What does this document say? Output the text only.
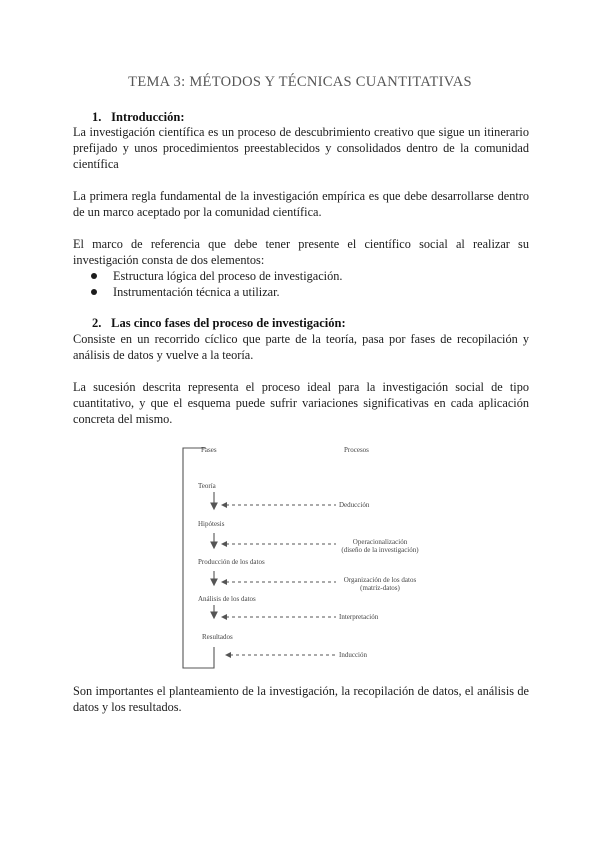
TEMA 3: MÉTODOS Y TÉCNICAS CUANTITATIVAS
1. Introducción:
La investigación científica es un proceso de descubrimiento creativo que sigue un itinerario prefijado y unos procedimientos preestablecidos y consolidados dentro de la comunidad científica
La primera regla fundamental de la investigación empírica es que debe desarrollarse dentro de un marco aceptado por la comunidad científica.
El marco de referencia que debe tener presente el científico social al realizar su investigación consta de dos elementos:
Estructura lógica del proceso de investigación.
Instrumentación técnica a utilizar.
2. Las cinco fases del proceso de investigación:
Consiste en un recorrido cíclico que parte de la teoría, pasa por fases de recopilación y análisis de datos y vuelve a la teoría.
La sucesión descrita representa el proceso ideal para la investigación social de tipo cuantitativo, y que el esquema puede sufrir variaciones significativas en cada aplicación concreta del mismo.
Fases	Procesos
Teoría
Hipótesis
Producción de los datos
Análisis de los datos
Resultados
Deducción
Operacionalización
(diseño de la investigación)
Organización de los datos
(matriz-datos)
Interpretación
Inducción
Son importantes el planteamiento de la investigación, la recopilación de datos, el análisis de datos y los resultados.
